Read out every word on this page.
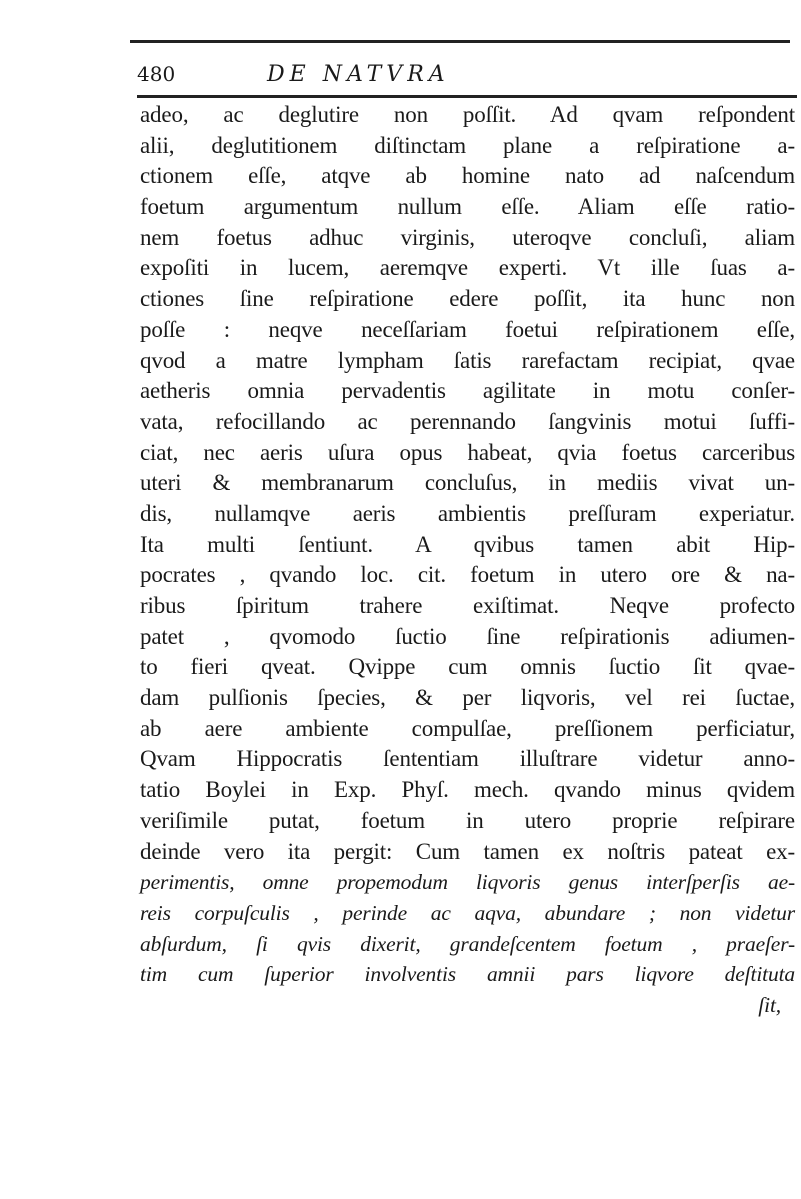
480	DE NATVRA
adeo, ac deglutire non poſſit. Ad qvam reſpondent
alii, deglutitionem diſtinctam plane a reſpiratione a-
ctionem eſſe, atqve ab homine nato ad naſcendum
foetum argumentum nullum eſſe. Aliam eſſe ratio-
nem foetus adhuc virginis, uteroqve concluſi, aliam
expoſiti in lucem, aeremqve experti. Vt ille ſuas a-
ctiones ſine reſpiratione edere poſſit, ita hunc non
poſſe : neqve neceſſariam foetui reſpirationem eſſe,
qvod a matre lympham ſatis rarefactam recipiat, qvae
aetheris omnia pervadentis agilitate in motu conſer-
vata, refocillando ac perennando ſangvinis motui ſuffi-
ciat, nec aeris uſura opus habeat, qvia foetus carceribus
uteri & membranarum concluſus, in mediis vivat un-
dis, nullamqve aeris ambientis preſſuram experiatur.
Ita multi ſentiunt. A qvibus tamen abit Hip-
pocrates , qvando loc. cit. foetum in utero ore & na-
ribus ſpiritum trahere exiſtimat. Neqve profecto
patet , qvomodo ſuctio ſine reſpirationis adiumen-
to fieri qveat. Qvippe cum omnis ſuctio ſit qvae-
dam pulſionis ſpecies, & per liqvoris, vel rei ſuctae,
ab aere ambiente compulſae, preſſionem perficiatur,
Qvam Hippocratis ſententiam illuſtrare videtur anno-
tatio Boylei in Exp. Phyſ. mech. qvando minus qvidem
veriſimile putat, foetum in utero proprie reſpirare
deinde vero ita pergit: Cum tamen ex noſtris pateat ex-
perimentis, omne propemodum liqvoris genus interſperſis ae-
reis corpuſculis , perinde ac aqva, abundare ; non videtur
abſurdum, ſi qvis dixerit, grandeſcentem foetum , praeſer-
tim cum ſuperior involventis amnii pars liqvore deſtituta
ſit,
